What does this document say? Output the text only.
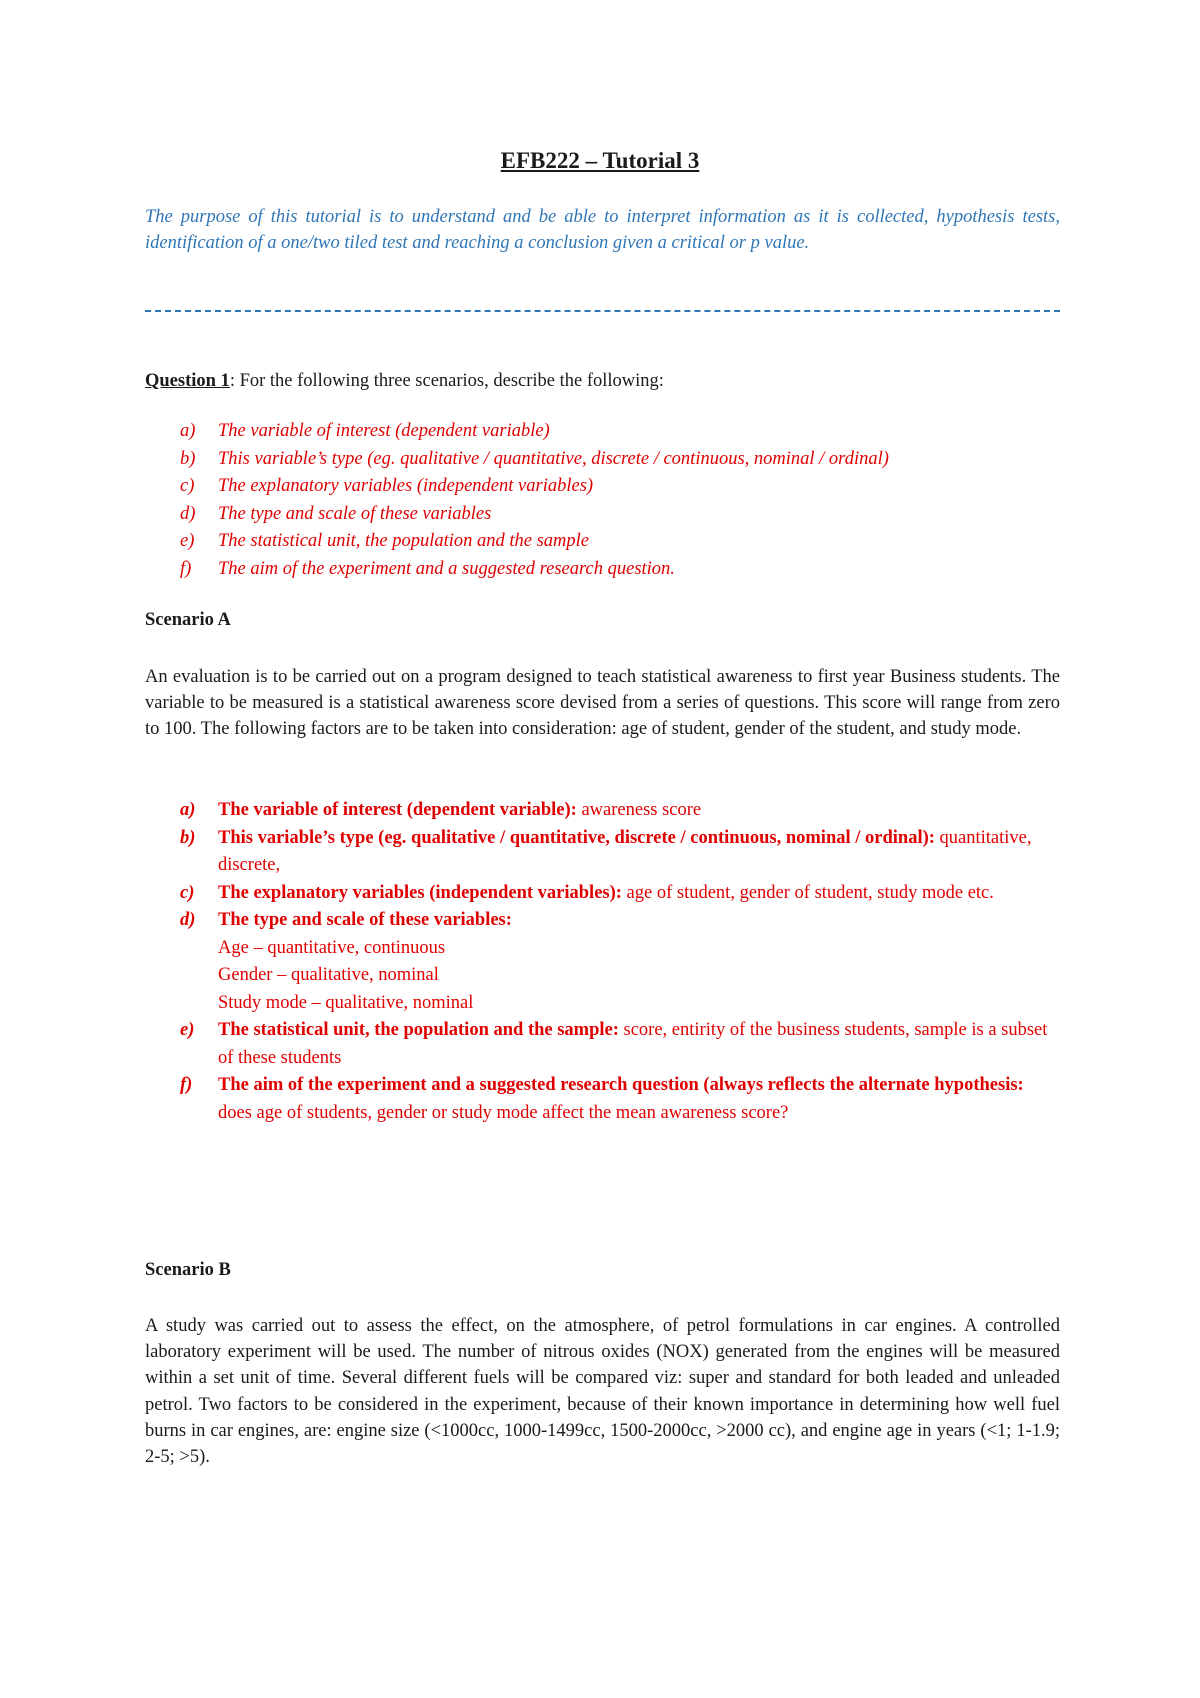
EFB222 – Tutorial 3
The purpose of this tutorial is to understand and be able to interpret information as it is collected, hypothesis tests, identification of a one/two tiled test and reaching a conclusion given a critical or p value.
Question 1: For the following three scenarios, describe the following:
a) The variable of interest (dependent variable)
b) This variable’s type (eg. qualitative / quantitative, discrete / continuous, nominal / ordinal)
c) The explanatory variables (independent variables)
d) The type and scale of these variables
e) The statistical unit, the population and the sample
f) The aim of the experiment and a suggested research question.
Scenario A
An evaluation is to be carried out on a program designed to teach statistical awareness to first year Business students. The variable to be measured is a statistical awareness score devised from a series of questions. This score will range from zero to 100. The following factors are to be taken into consideration: age of student, gender of the student, and study mode.
a) The variable of interest (dependent variable): awareness score
b) This variable’s type (eg. qualitative / quantitative, discrete / continuous, nominal / ordinal): quantitative, discrete,
c) The explanatory variables (independent variables): age of student, gender of student, study mode etc.
d) The type and scale of these variables:
Age – quantitative, continuous
Gender – qualitative, nominal
Study mode – qualitative, nominal
e) The statistical unit, the population and the sample: score, entirity of the business students, sample is a subset of these students
f) The aim of the experiment and a suggested research question (always reflects the alternate hypothesis: does age of students, gender or study mode affect the mean awareness score?
Scenario B
A study was carried out to assess the effect, on the atmosphere, of petrol formulations in car engines. A controlled laboratory experiment will be used. The number of nitrous oxides (NOX) generated from the engines will be measured within a set unit of time. Several different fuels will be compared viz: super and standard for both leaded and unleaded petrol. Two factors to be considered in the experiment, because of their known importance in determining how well fuel burns in car engines, are: engine size (<1000cc, 1000-1499cc, 1500-2000cc, >2000 cc), and engine age in years (<1; 1-1.9; 2-5; >5).
